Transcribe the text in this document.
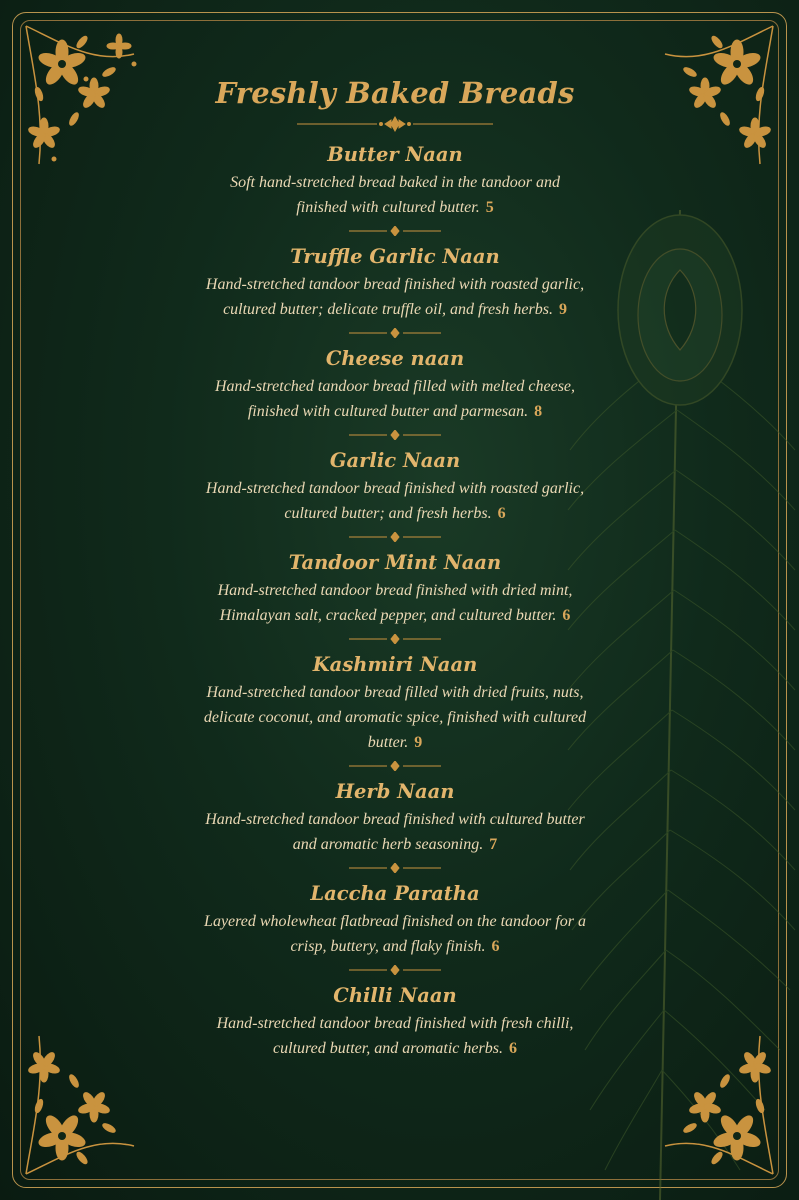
Freshly Baked Breads

Butter Naan

Soft hand-stretched bread baked in the tandoor and

finished with cultured butter. 5

Truffle Garlic Naan

Hand-stretched tandoor bread finished with roasted garlic,

cultured butter; delicate truffle oil, and fresh herbs. 9

Cheese naan

Hand-stretched tandoor bread filled with melted cheese,

finished with cultured butter and parmesan. 8

Garlic Naan

Hand-stretched tandoor bread finished with roasted garlic,

cultured butter; and fresh herbs. 6

Tandoor Mint Naan

Hand-stretched tandoor bread finished with dried mint,

Himalayan salt, cracked pepper, and cultured butter. 6

Kashmiri Naan

Hand-stretched tandoor bread filled with dried fruits, nuts,

delicate coconut, and aromatic spice, finished with cultured

butter. 9

Herb Naan

Hand-stretched tandoor bread finished with cultured butter

and aromatic herb seasoning. 7

Laccha Paratha

Layered wholewheat flatbread finished on the tandoor for a

crisp, buttery, and flaky finish. 6

Chilli Naan

Hand-stretched tandoor bread finished with fresh chilli,

cultured butter, and aromatic herbs. 6
